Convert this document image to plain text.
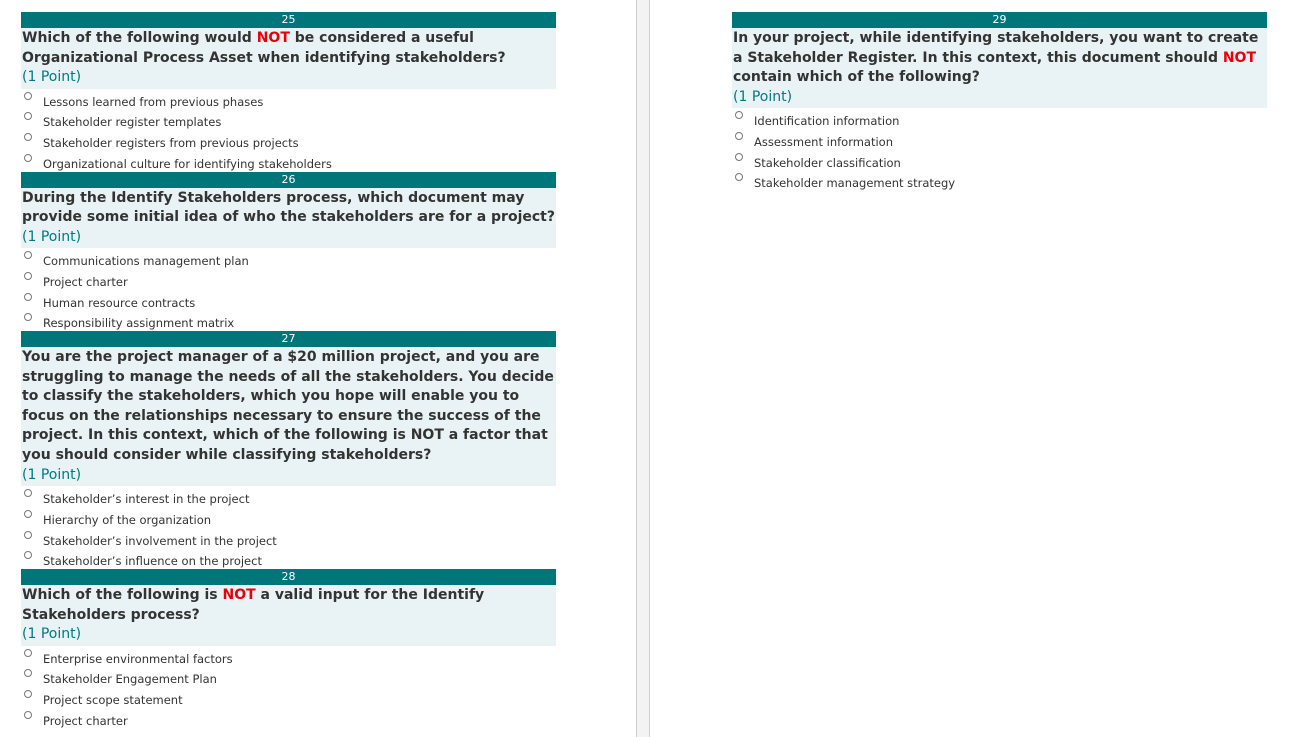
25
Which of the following would NOT be considered a useful Organizational Process Asset when identifying stakeholders?
(1 Point)
Lessons learned from previous phases
Stakeholder register templates
Stakeholder registers from previous projects
Organizational culture for identifying stakeholders
26
During the Identify Stakeholders process, which document may provide some initial idea of who the stakeholders are for a project?
(1 Point)
Communications management plan
Project charter
Human resource contracts
Responsibility assignment matrix
27
You are the project manager of a $20 million project, and you are struggling to manage the needs of all the stakeholders. You decide to classify the stakeholders, which you hope will enable you to focus on the relationships necessary to ensure the success of the project. In this context, which of the following is NOT a factor that you should consider while classifying stakeholders?
(1 Point)
Stakeholder’s interest in the project
Hierarchy of the organization
Stakeholder’s involvement in the project
Stakeholder’s influence on the project
28
Which of the following is NOT a valid input for the Identify Stakeholders process?
(1 Point)
Enterprise environmental factors
Stakeholder Engagement Plan
Project scope statement
Project charter
29
In your project, while identifying stakeholders, you want to create a Stakeholder Register. In this context, this document should NOT contain which of the following?
(1 Point)
Identification information
Assessment information
Stakeholder classification
Stakeholder management strategy
